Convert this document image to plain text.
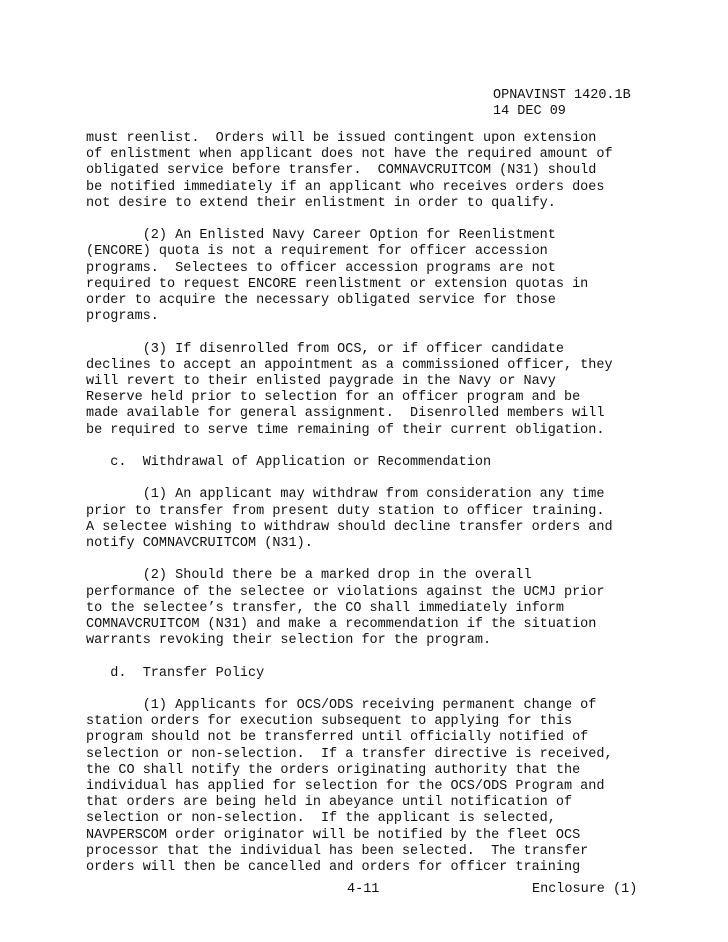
OPNAVINST 1420.1B
14 DEC 09
must reenlist.  Orders will be issued contingent upon extension
of enlistment when applicant does not have the required amount of
obligated service before transfer.  COMNAVCRUITCOM (N31) should
be notified immediately if an applicant who receives orders does
not desire to extend their enlistment in order to qualify.
(2) An Enlisted Navy Career Option for Reenlistment
(ENCORE) quota is not a requirement for officer accession
programs.  Selectees to officer accession programs are not
required to request ENCORE reenlistment or extension quotas in
order to acquire the necessary obligated service for those
programs.
(3) If disenrolled from OCS, or if officer candidate
declines to accept an appointment as a commissioned officer, they
will revert to their enlisted paygrade in the Navy or Navy
Reserve held prior to selection for an officer program and be
made available for general assignment.  Disenrolled members will
be required to serve time remaining of their current obligation.
c.  Withdrawal of Application or Recommendation
(1) An applicant may withdraw from consideration any time
prior to transfer from present duty station to officer training.
A selectee wishing to withdraw should decline transfer orders and
notify COMNAVCRUITCOM (N31).
(2) Should there be a marked drop in the overall
performance of the selectee or violations against the UCMJ prior
to the selectee’s transfer, the CO shall immediately inform
COMNAVCRUITCOM (N31) and make a recommendation if the situation
warrants revoking their selection for the program.
d.  Transfer Policy
(1) Applicants for OCS/ODS receiving permanent change of
station orders for execution subsequent to applying for this
program should not be transferred until officially notified of
selection or non-selection.  If a transfer directive is received,
the CO shall notify the orders originating authority that the
individual has applied for selection for the OCS/ODS Program and
that orders are being held in abeyance until notification of
selection or non-selection.  If the applicant is selected,
NAVPERSCOM order originator will be notified by the fleet OCS
processor that the individual has been selected.  The transfer
orders will then be cancelled and orders for officer training
4-11	Enclosure (1)
